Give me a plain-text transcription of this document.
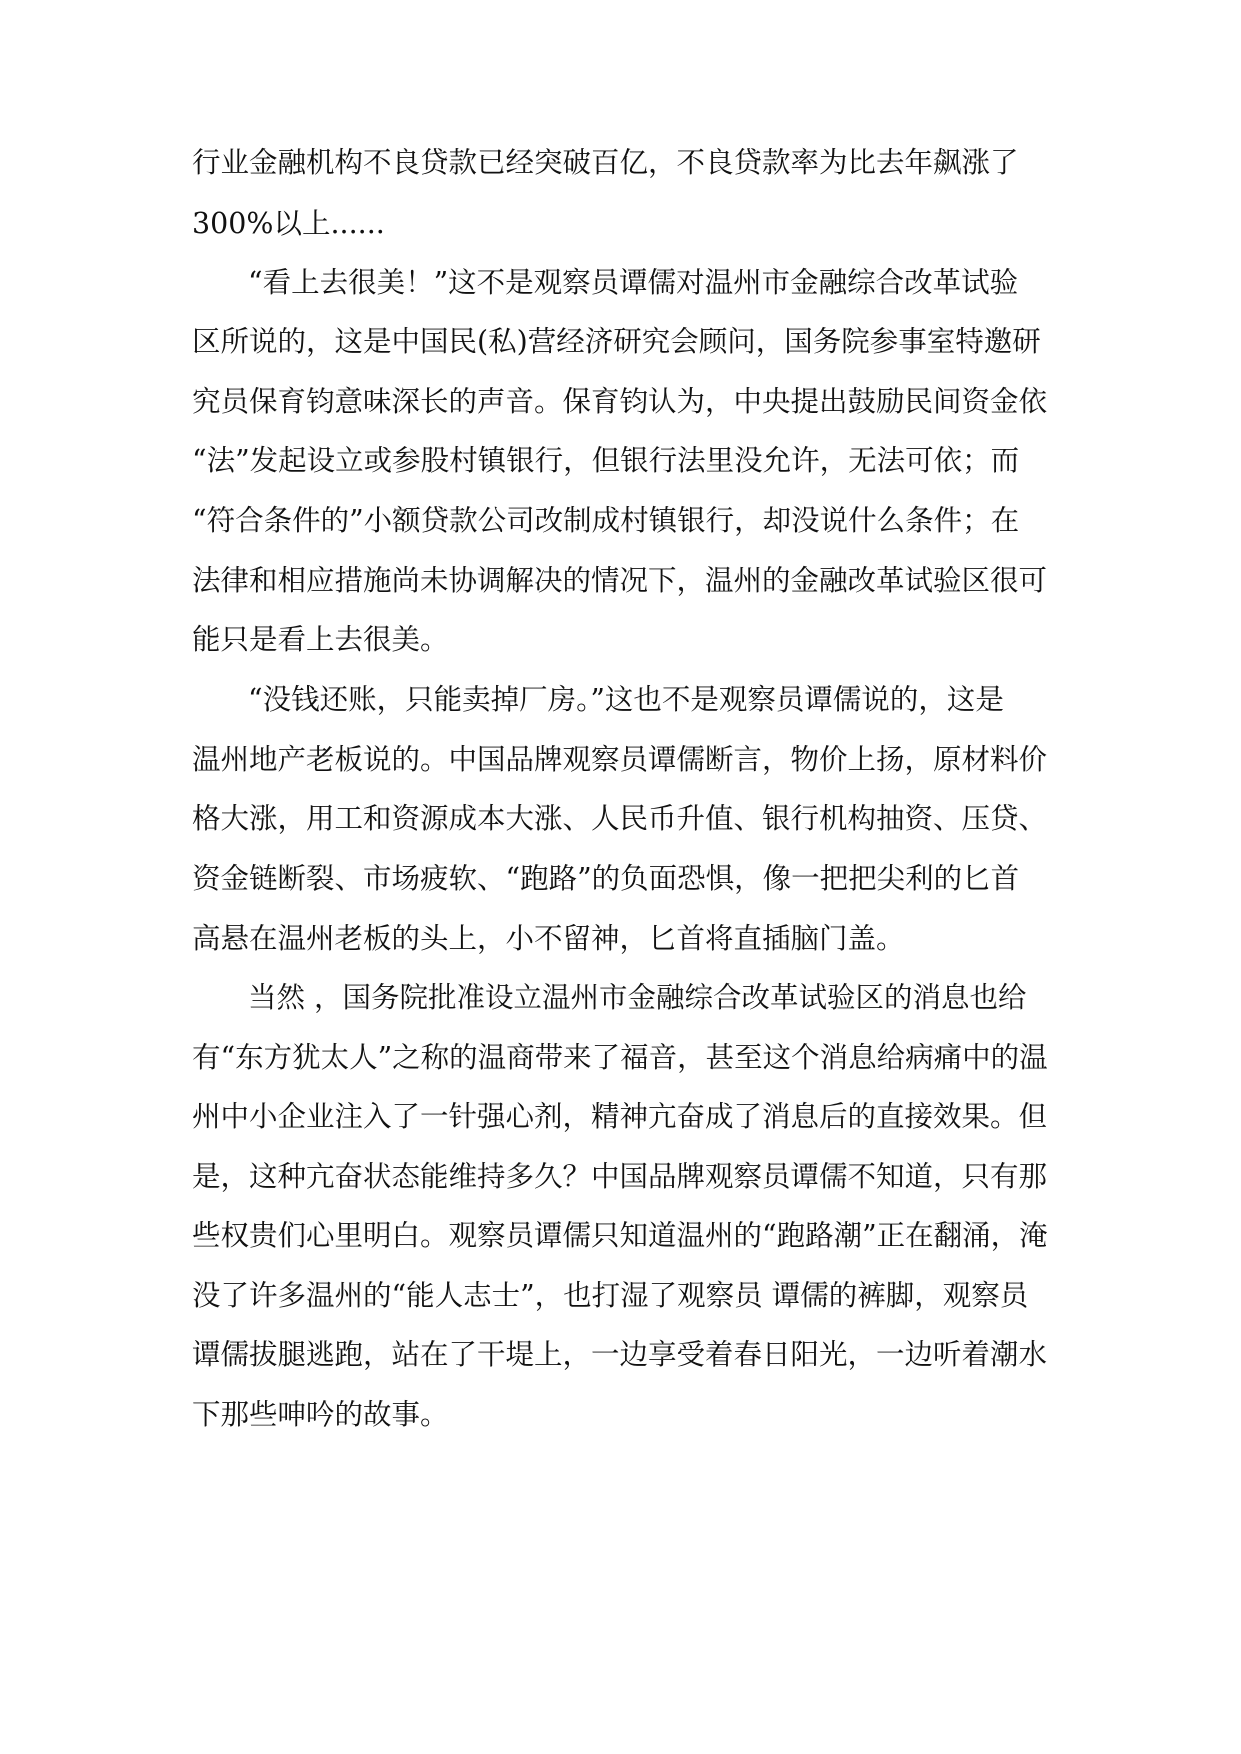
行业金融机构不良贷款已经突破百亿，不良贷款率为比去年飙涨了
300%以上......
“看上去很美！”这不是观察员谭儒对温州市金融综合改革试验
区所说的，这是中国民(私)营经济研究会顾问，国务院参事室特邀研
究员保育钧意味深长的声音。保育钧认为，中央提出鼓励民间资金依
“法”发起设立或参股村镇银行，但银行法里没允许，无法可依；而
“符合条件的”小额贷款公司改制成村镇银行，却没说什么条件；在
法律和相应措施尚未协调解决的情况下，温州的金融改革试验区很可
能只是看上去很美。
“没钱还账，只能卖掉厂房。”这也不是观察员谭儒说的，这是
温州地产老板说的。中国品牌观察员谭儒断言，物价上扬，原材料价
格大涨，用工和资源成本大涨、人民币升值、银行机构抽资、压贷、
资金链断裂、市场疲软、“跑路”的负面恐惧，像一把把尖利的匕首
高悬在温州老板的头上，小不留神，匕首将直插脑门盖。
当然 ，国务院批准设立温州市金融综合改革试验区的消息也给
有“东方犹太人”之称的温商带来了福音，甚至这个消息给病痛中的温
州中小企业注入了一针强心剂，精神亢奋成了消息后的直接效果。但
是，这种亢奋状态能维持多久？中国品牌观察员谭儒不知道，只有那
些权贵们心里明白。观察员谭儒只知道温州的“跑路潮”正在翻涌，淹
没了许多温州的“能人志士”，也打湿了观察员 谭儒的裤脚，观察员
谭儒拔腿逃跑，站在了干堤上，一边享受着春日阳光，一边听着潮水
下那些呻吟的故事。
